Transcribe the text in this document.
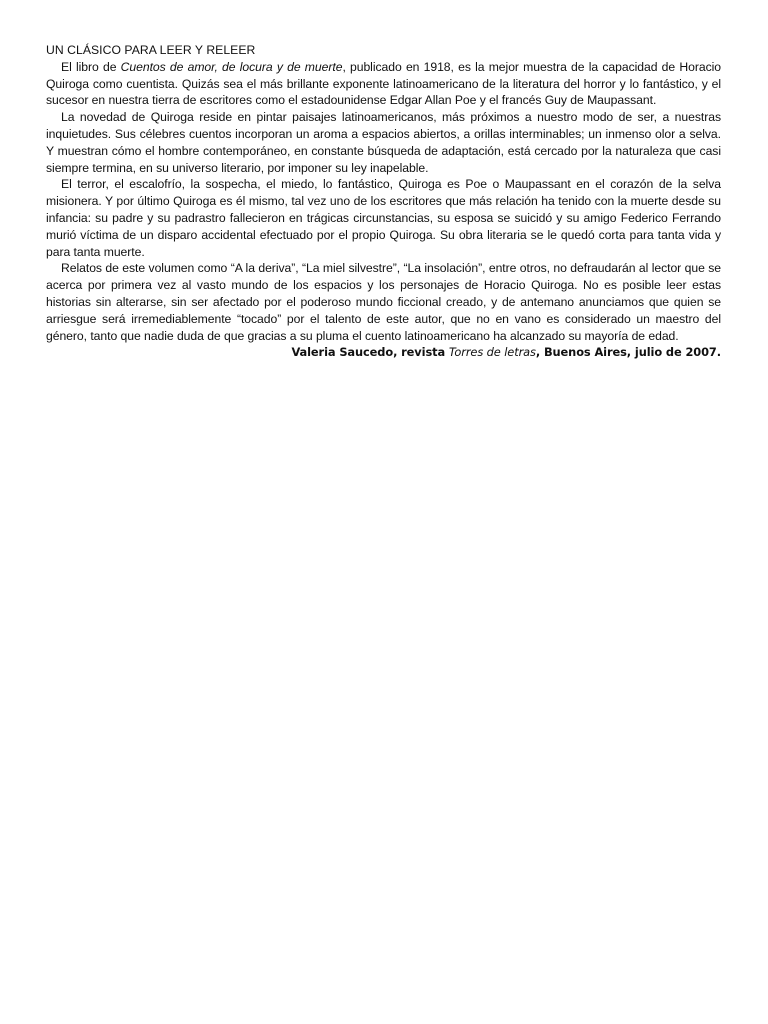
UN CLÁSICO PARA LEER Y RELEER

El libro de Cuentos de amor, de locura y de muerte, publicado en 1918, es la mejor muestra de la capacidad de Horacio Quiroga como cuentista. Quizás sea el más brillante exponente latinoamericano de la literatura del horror y lo fantástico, y el sucesor en nuestra tierra de escritores como el estadounidense Edgar Allan Poe y el francés Guy de Maupassant.

La novedad de Quiroga reside en pintar paisajes latinoamericanos, más próximos a nuestro modo de ser, a nuestras inquietudes. Sus célebres cuentos incorporan un aroma a espacios abiertos, a orillas interminables; un inmenso olor a selva. Y muestran cómo el hombre contemporáneo, en constante búsqueda de adaptación, está cercado por la naturaleza que casi siempre termina, en su universo literario, por imponer su ley inapelable.

El terror, el escalofrío, la sospecha, el miedo, lo fantástico, Quiroga es Poe o Maupassant en el corazón de la selva misionera. Y por último Quiroga es él mismo, tal vez uno de los escritores que más relación ha tenido con la muerte desde su infancia: su padre y su padrastro fallecieron en trágicas circunstancias, su esposa se suicidó y su amigo Federico Ferrando murió víctima de un disparo accidental efectuado por el propio Quiroga. Su obra literaria se le quedó corta para tanta vida y para tanta muerte.

Relatos de este volumen como “A la deriva”, “La miel silvestre”, “La insolación”, entre otros, no defraudarán al lector que se acerca por primera vez al vasto mundo de los espacios y los personajes de Horacio Quiroga. No es posible leer estas historias sin alterarse, sin ser afectado por el poderoso mundo ficcional creado, y de antemano anunciamos que quien se arriesgue será irremediablemente “tocado” por el talento de este autor, que no en vano es considerado un maestro del género, tanto que nadie duda de que gracias a su pluma el cuento latinoamericano ha alcanzado su mayoría de edad.

Valeria Saucedo, revista Torres de letras, Buenos Aires, julio de 2007.
